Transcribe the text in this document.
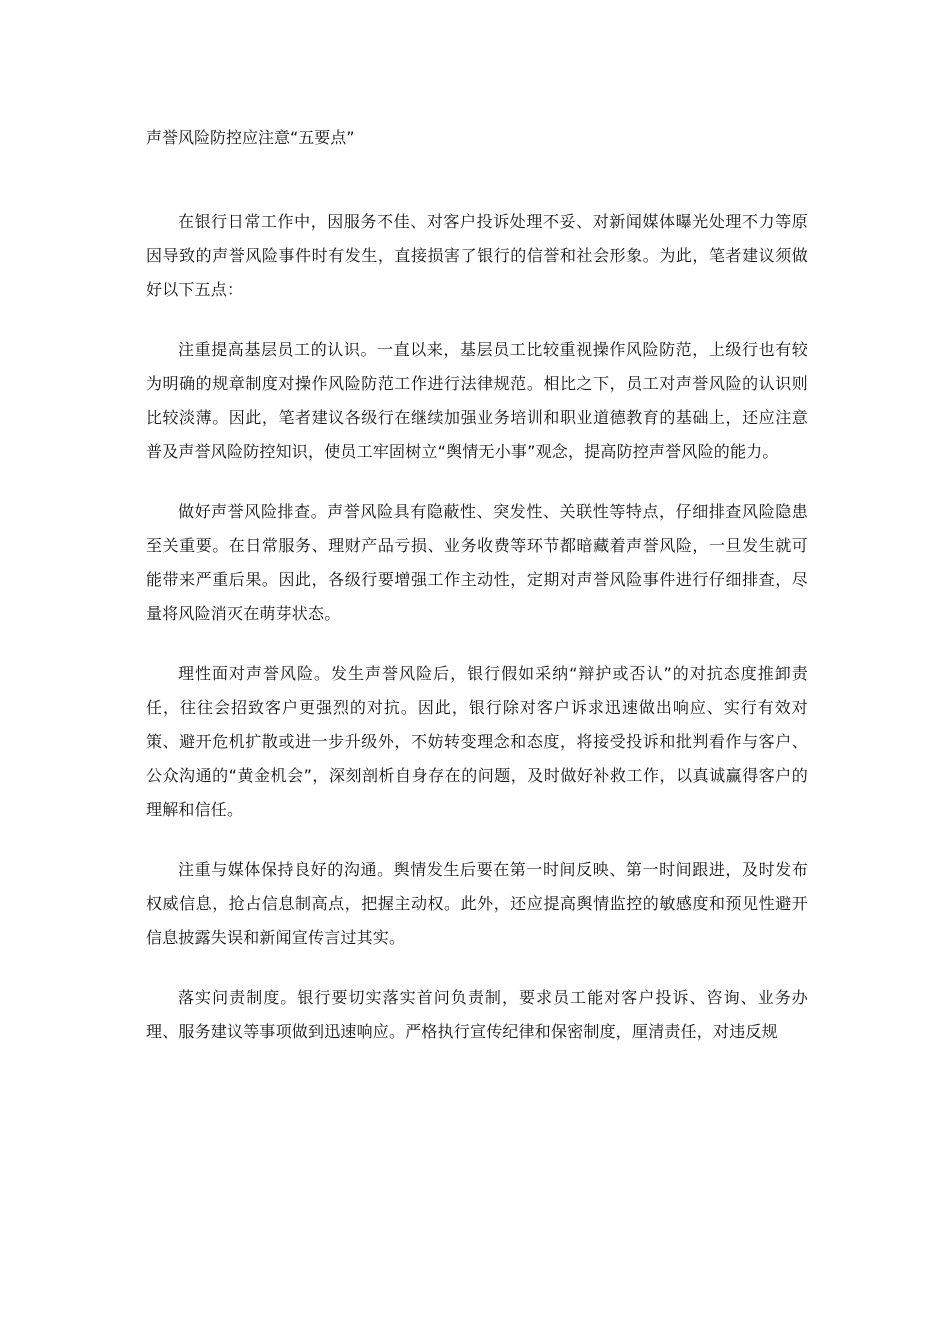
声誉风险防控应注意“五要点”

在银行日常工作中，因服务不佳、对客户投诉处理不妥、对新闻媒体曝光处理不力等原因导致的声誉风险事件时有发生，直接损害了银行的信誉和社会形象。为此，笔者建议须做好以下五点：

注重提高基层员工的认识。一直以来，基层员工比较重视操作风险防范，上级行也有较为明确的规章制度对操作风险防范工作进行法律规范。相比之下，员工对声誉风险的认识则比较淡薄。因此，笔者建议各级行在继续加强业务培训和职业道德教育的基础上，还应注意普及声誉风险防控知识，使员工牢固树立“舆情无小事”观念，提高防控声誉风险的能力。

做好声誉风险排查。声誉风险具有隐蔽性、突发性、关联性等特点，仔细排查风险隐患至关重要。在日常服务、理财产品亏损、业务收费等环节都暗藏着声誉风险，一旦发生就可能带来严重后果。因此，各级行要增强工作主动性，定期对声誉风险事件进行仔细排查，尽量将风险消灭在萌芽状态。

理性面对声誉风险。发生声誉风险后，银行假如采纳“辩护或否认”的对抗态度推卸责任，往往会招致客户更强烈的对抗。因此，银行除对客户诉求迅速做出响应、实行有效对策、避开危机扩散或进一步升级外，不妨转变理念和态度，将接受投诉和批判看作与客户、公众沟通的“黄金机会”，深刻剖析自身存在的问题，及时做好补救工作，以真诚赢得客户的理解和信任。

注重与媒体保持良好的沟通。舆情发生后要在第一时间反映、第一时间跟进，及时发布权威信息，抢占信息制高点，把握主动权。此外，还应提高舆情监控的敏感度和预见性避开信息披露失误和新闻宣传言过其实。

落实问责制度。银行要切实落实首问负责制，要求员工能对客户投诉、咨询、业务办理、服务建议等事项做到迅速响应。严格执行宣传纪律和保密制度，厘清责任，对违反规
